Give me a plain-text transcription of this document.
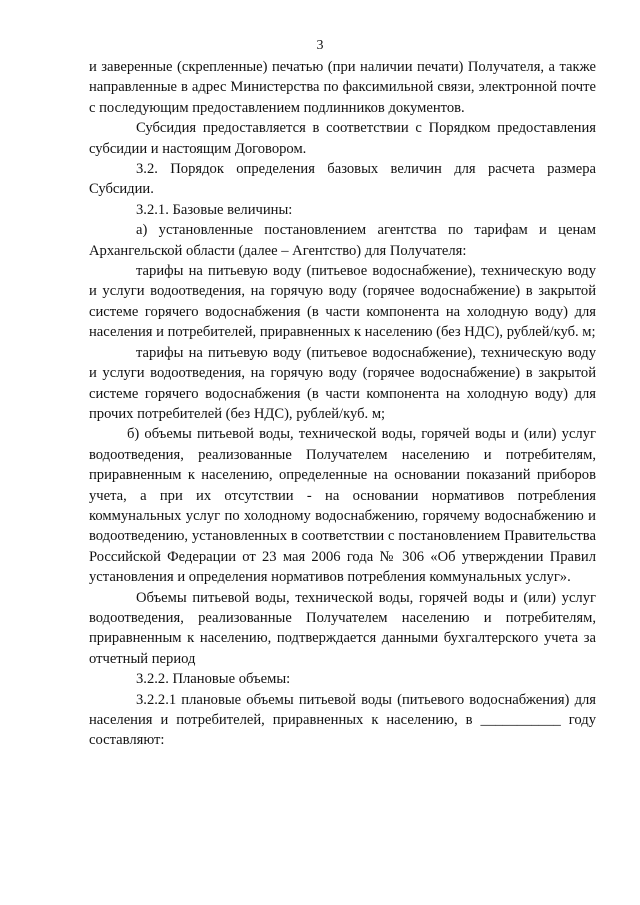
3

и заверенные (скрепленные) печатью (при наличии печати) Получателя, а также направленные в адрес Министерства по факсимильной связи, электронной почте с последующим предоставлением подлинников документов.

Субсидия предоставляется в соответствии с Порядком предоставления субсидии и настоящим Договором.

3.2. Порядок определения базовых величин для расчета размера Субсидии.

3.2.1. Базовые величины:

а) установленные постановлением агентства по тарифам и ценам Архангельской области (далее – Агентство) для Получателя:

тарифы на питьевую воду (питьевое водоснабжение), техническую воду и услуги водоотведения, на горячую воду (горячее водоснабжение) в закрытой системе горячего водоснабжения (в части компонента на холодную воду) для населения и потребителей, приравненных к населению (без НДС), рублей/куб. м;

тарифы на питьевую воду (питьевое водоснабжение), техническую воду и услуги водоотведения, на горячую воду (горячее водоснабжение) в закрытой системе горячего водоснабжения (в части компонента на холодную воду) для прочих потребителей (без НДС), рублей/куб. м;

б) объемы питьевой воды, технической воды, горячей воды и (или) услуг водоотведения, реализованные Получателем населению и потребителям, приравненным к населению, определенные на основании показаний приборов учета, а при их отсутствии - на основании нормативов потребления коммунальных услуг по холодному водоснабжению, горячему водоснабжению и водоотведению, установленных в соответствии с постановлением Правительства Российской Федерации от 23 мая 2006 года № 306 «Об утверждении Правил установления и определения нормативов потребления коммунальных услуг».

Объемы питьевой воды, технической воды, горячей воды и (или) услуг водоотведения, реализованные Получателем населению и потребителям, приравненным к населению, подтверждается данными бухгалтерского учета за отчетный период

3.2.2. Плановые объемы:

3.2.2.1 плановые объемы питьевой воды (питьевого водоснабжения) для населения и потребителей, приравненных к населению, в ___________ году составляют:
